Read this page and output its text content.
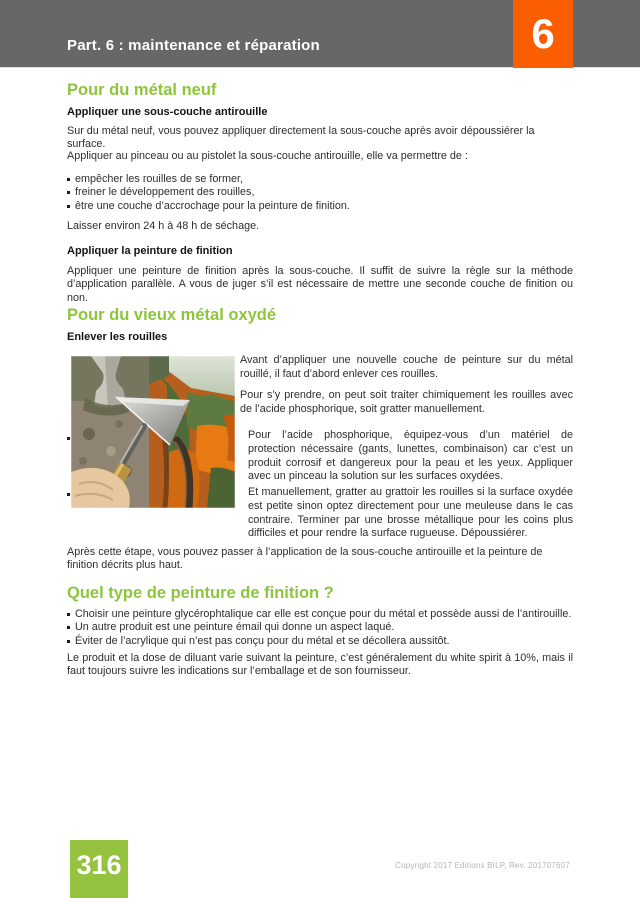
Part. 6 : maintenance et réparation	6
Pour du métal neuf
Appliquer une sous-couche antirouille
Sur du métal neuf, vous pouvez appliquer directement la sous-couche après avoir dépoussiérer la surface.
Appliquer au pinceau ou au pistolet la sous-couche antirouille, elle va permettre de :
empêcher les rouilles de se former,
freiner le développement des rouilles,
être une couche d’accrochage pour la peinture de finition.
Laisser environ 24 h à 48 h de séchage.
Appliquer la peinture de finition
Appliquer une peinture de finition après la sous-couche. Il suffit de suivre la règle sur la méthode d’application parallèle. A vous de juger s’il est nécessaire de mettre une seconde couche de finition ou non.
Pour du vieux métal oxydé
Enlever les rouilles
Avant d’appliquer une nouvelle couche de peinture sur du métal rouillé, il faut d’abord enlever ces rouilles.
Pour s’y prendre, on peut soit traiter chimiquement les rouilles avec de l’acide phosphorique, soit gratter manuellement.
Pour l’acide phosphorique, équipez-vous d’un matériel de protection nécessaire (gants, lunettes, combinaison) car c’est un produit corrosif et dangereux pour la peau et les yeux. Appliquer avec un pinceau la solution sur les surfaces oxydées.
Et manuellement, gratter au grattoir les rouilles si la surface oxydée est petite sinon optez directement pour une meuleuse dans le cas contraire. Terminer par une brosse métallique pour les coins plus difficiles et pour rendre la surface rugueuse. Dépoussiérer.
Après cette étape, vous pouvez passer à l’application de la sous-couche antirouille et la peinture de finition décrits plus haut.
Quel type de peinture de finition ?
Choisir une peinture glycérophtalique car elle est conçue pour du métal et possède aussi de l’antirouille.
Un autre produit est une peinture émail qui donne un aspect laqué.
Éviter de l’acrylique qui n’est pas conçu pour du métal et se décollera aussitôt.
Le produit et la dose de diluant varie suivant la peinture, c’est généralement du white spirit à 10%, mais il faut toujours suivre les indications sur l’emballage et de son fournisseur.
316	Copyright 2017 Editions BILP, Rev. 201707607
